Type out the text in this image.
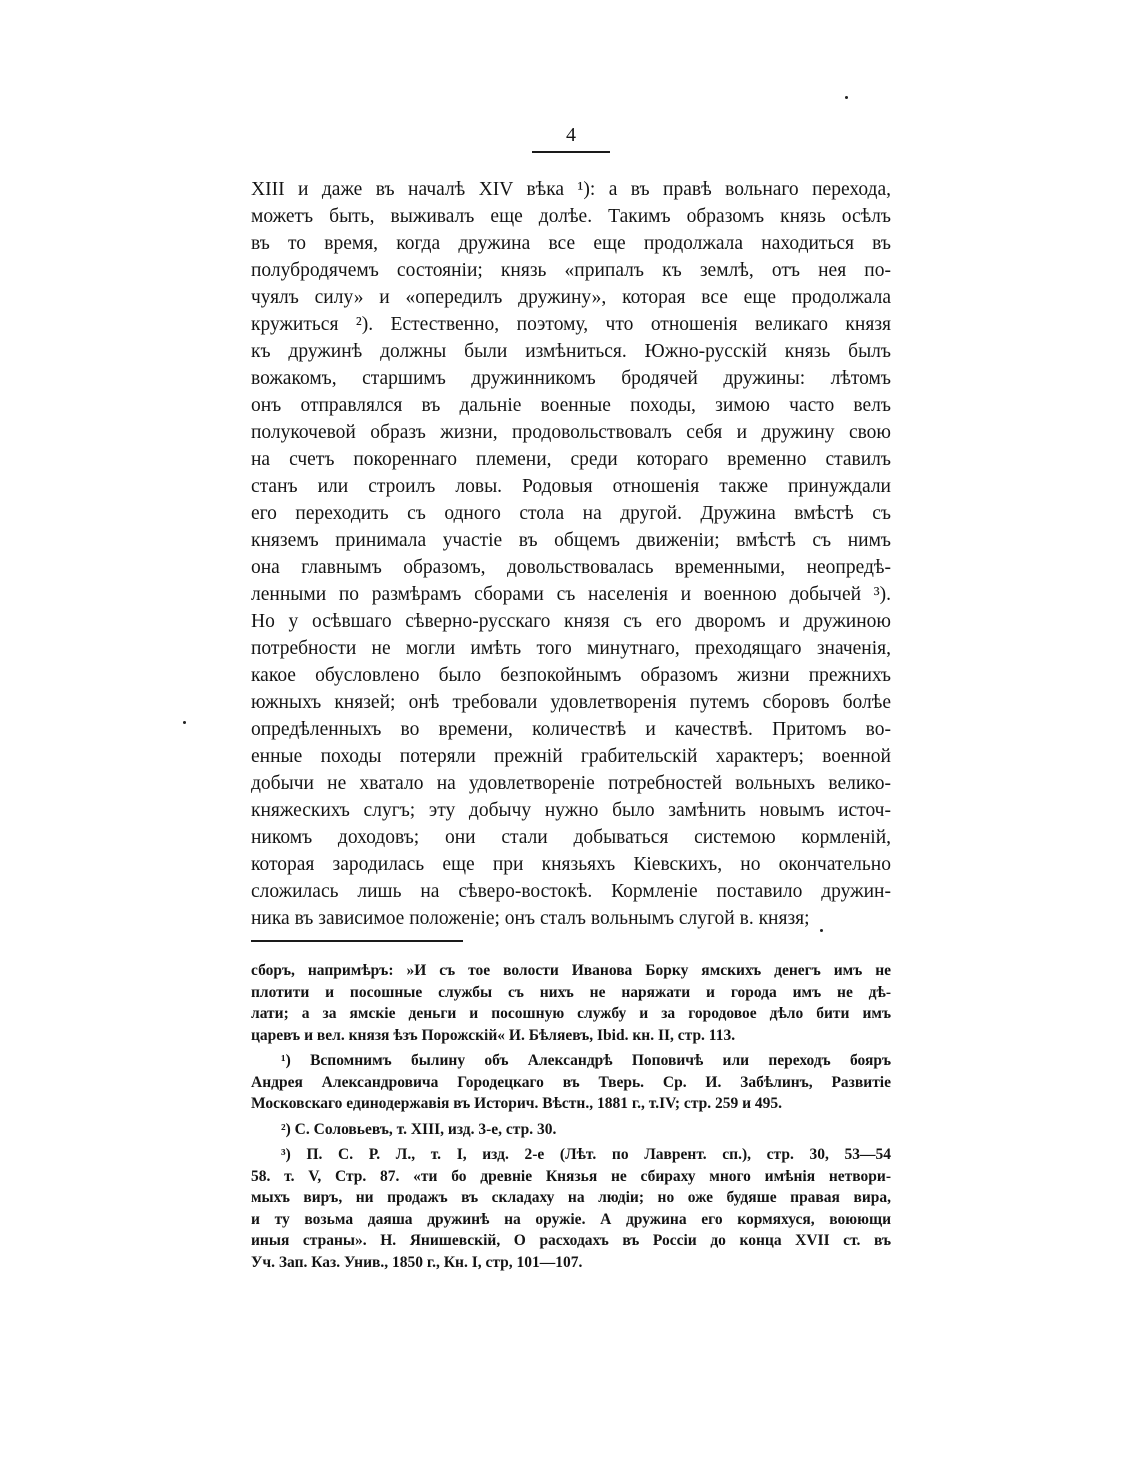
4
XIII и даже въ началѣ XIV вѣка ¹): а въ правѣ вольнаго перехода,
можетъ быть, выживалъ еще долѣе. Такимъ образомъ князь осѣлъ
въ то время, когда дружина все еще продолжала находиться въ
полубродячемъ состояніи; князь «припалъ къ землѣ, отъ нея по-
чуялъ силу» и «опередилъ дружину», которая все еще продолжала
кружиться ²). Естественно, поэтому, что отношенія великаго князя
къ дружинѣ должны были измѣниться. Южно-русскій князь былъ
вожакомъ, старшимъ дружинникомъ бродячей дружины: лѣтомъ
онъ отправлялся въ дальніе военные походы, зимою часто велъ
полукочевой образъ жизни, продовольствовалъ себя и дружину свою
на счетъ покореннаго племени, среди котораго временно ставилъ
станъ или строилъ ловы. Родовыя отношенія также принуждали
его переходить съ одного стола на другой. Дружина вмѣстѣ съ
княземъ принимала участіе въ общемъ движеніи; вмѣстѣ съ нимъ
она главнымъ образомъ, довольствовалась временными, неопредѣ-
ленными по размѣрамъ сборами съ населенія и военною добычей ³).
Но у осѣвшаго сѣверно-русскаго князя съ его дворомъ и дружиною
потребности не могли имѣть того минутнаго, преходящаго значенія,
какое обусловлено было безпокойнымъ образомъ жизни прежнихъ
южныхъ князей; онѣ требовали удовлетворенія путемъ сборовъ болѣе
опредѣленныхъ во времени, количествѣ и качествѣ. Притомъ во-
енные походы потеряли прежній грабительскій характеръ; военной
добычи не хватало на удовлетвореніе потребностей вольныхъ велико-
княжескихъ слугъ; эту добычу нужно было замѣнить новымъ источ-
никомъ доходовъ; они стали добываться системою кормленій,
которая зародилась еще при князьяхъ Кіевскихъ, но окончательно
сложилась лишь на сѣверо-востокѣ. Кормленіе поставило дружин-
ника въ зависимое положеніе; онъ сталъ вольнымъ слугой в. князя;
сборъ, напримѣръ: »И съ тое волости Иванова Борку ямскихъ денегъ имъ не
плотити и посошные службы съ нихъ не наряжати и города имъ не дѣ-
лати; а за ямскіе деньги и посошную службу и за городовое дѣло бити имъ
царевъ и вел. князя ѣзъ Порожскій« И. Бѣляевъ, Ibid. кн. II, стр. 113.
¹) Вспомнимъ былину объ Александрѣ Поповичѣ или переходъ бояръ
Андрея Александровича Городецкаго въ Тверь. Ср. И. Забѣлинъ, Развитіе
Московскаго единодержавія въ Историч. Вѣстн., 1881 г., т.IV; стр. 259 и 495.
²) С. Соловьевъ, т. XIII, изд. 3-е, стр. 30.
³) П. С. Р. Л., т. I, изд. 2-е (Лѣт. по Лаврент. сп.), стр. 30, 53—54
58. т. V, Стр. 87. «ти бо древніе Князья не сбираху много имѣнія нетвори-
мыхъ виръ, ни продажъ въ складаху на людіи; но оже будяше правая вира,
и ту возьма даяша дружинѣ на оружіе. А дружина его кормяхуся, воюющи
иныя страны». Н. Янишевскій, О расходахъ въ Россіи до конца XVII ст. въ
Уч. Зап. Каз. Унив., 1850 г., Кн. I, стр, 101—107.
